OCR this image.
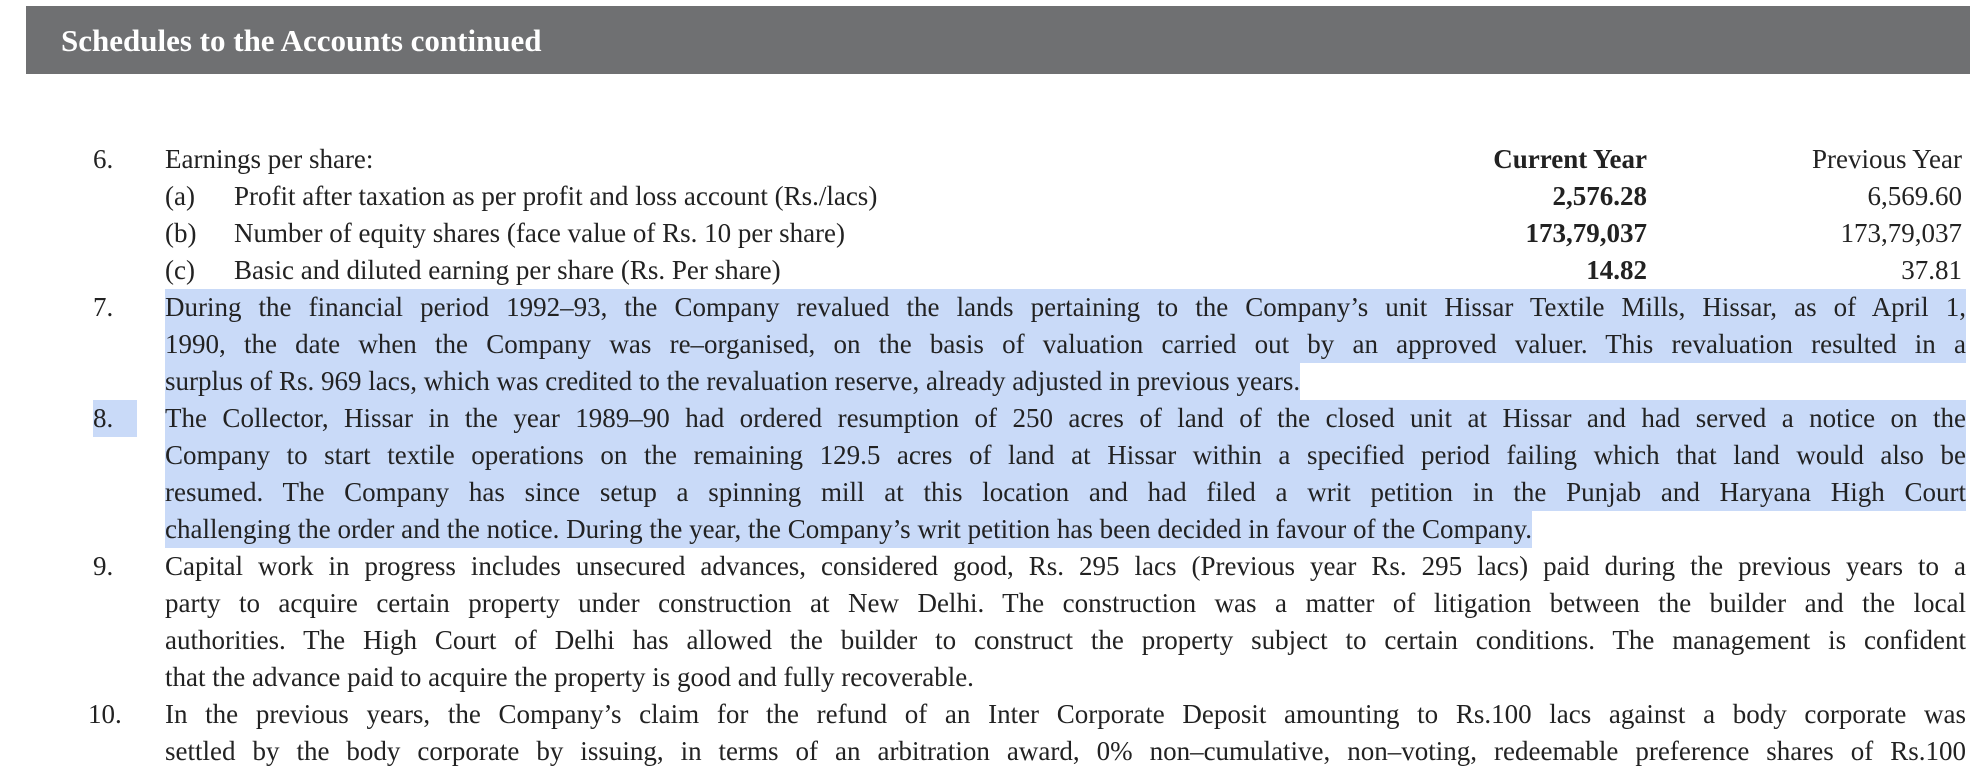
Schedules to the Accounts continued
6.	Earnings per share:	Current Year	Previous Year
(a) Profit after taxation as per profit and loss account (Rs./lacs)	2,576.28	6,569.60
(b) Number of equity shares (face value of Rs. 10 per share)	173,79,037	173,79,037
(c) Basic and diluted earning per share (Rs. Per share)	14.82	37.81
7.	During the financial period 1992–93, the Company revalued the lands pertaining to the Company’s unit Hissar Textile Mills, Hissar, as of April 1,
1990, the date when the Company was re–organised, on the basis of valuation carried out by an approved valuer. This revaluation resulted in a
surplus of Rs. 969 lacs, which was credited to the revaluation reserve, already adjusted in previous years.
8.	The Collector, Hissar in the year 1989–90 had ordered resumption of 250 acres of land of the closed unit at Hissar and had served a notice on the
Company to start textile operations on the remaining 129.5 acres of land at Hissar within a specified period failing which that land would also be
resumed. The Company has since setup a spinning mill at this location and had filed a writ petition in the Punjab and Haryana High Court
challenging the order and the notice. During the year, the Company’s writ petition has been decided in favour of the Company.
9.	Capital work in progress includes unsecured advances, considered good, Rs. 295 lacs (Previous year Rs. 295 lacs) paid during the previous years to a
party to acquire certain property under construction at New Delhi. The construction was a matter of litigation between the builder and the local
authorities. The High Court of Delhi has allowed the builder to construct the property subject to certain conditions. The management is confident
that the advance paid to acquire the property is good and fully recoverable.
10. In the previous years, the Company’s claim for the refund of an Inter Corporate Deposit amounting to Rs.100 lacs against a body corporate was
settled by the body corporate by issuing, in terms of an arbitration award, 0% non–cumulative, non–voting, redeemable preference shares of Rs.100
